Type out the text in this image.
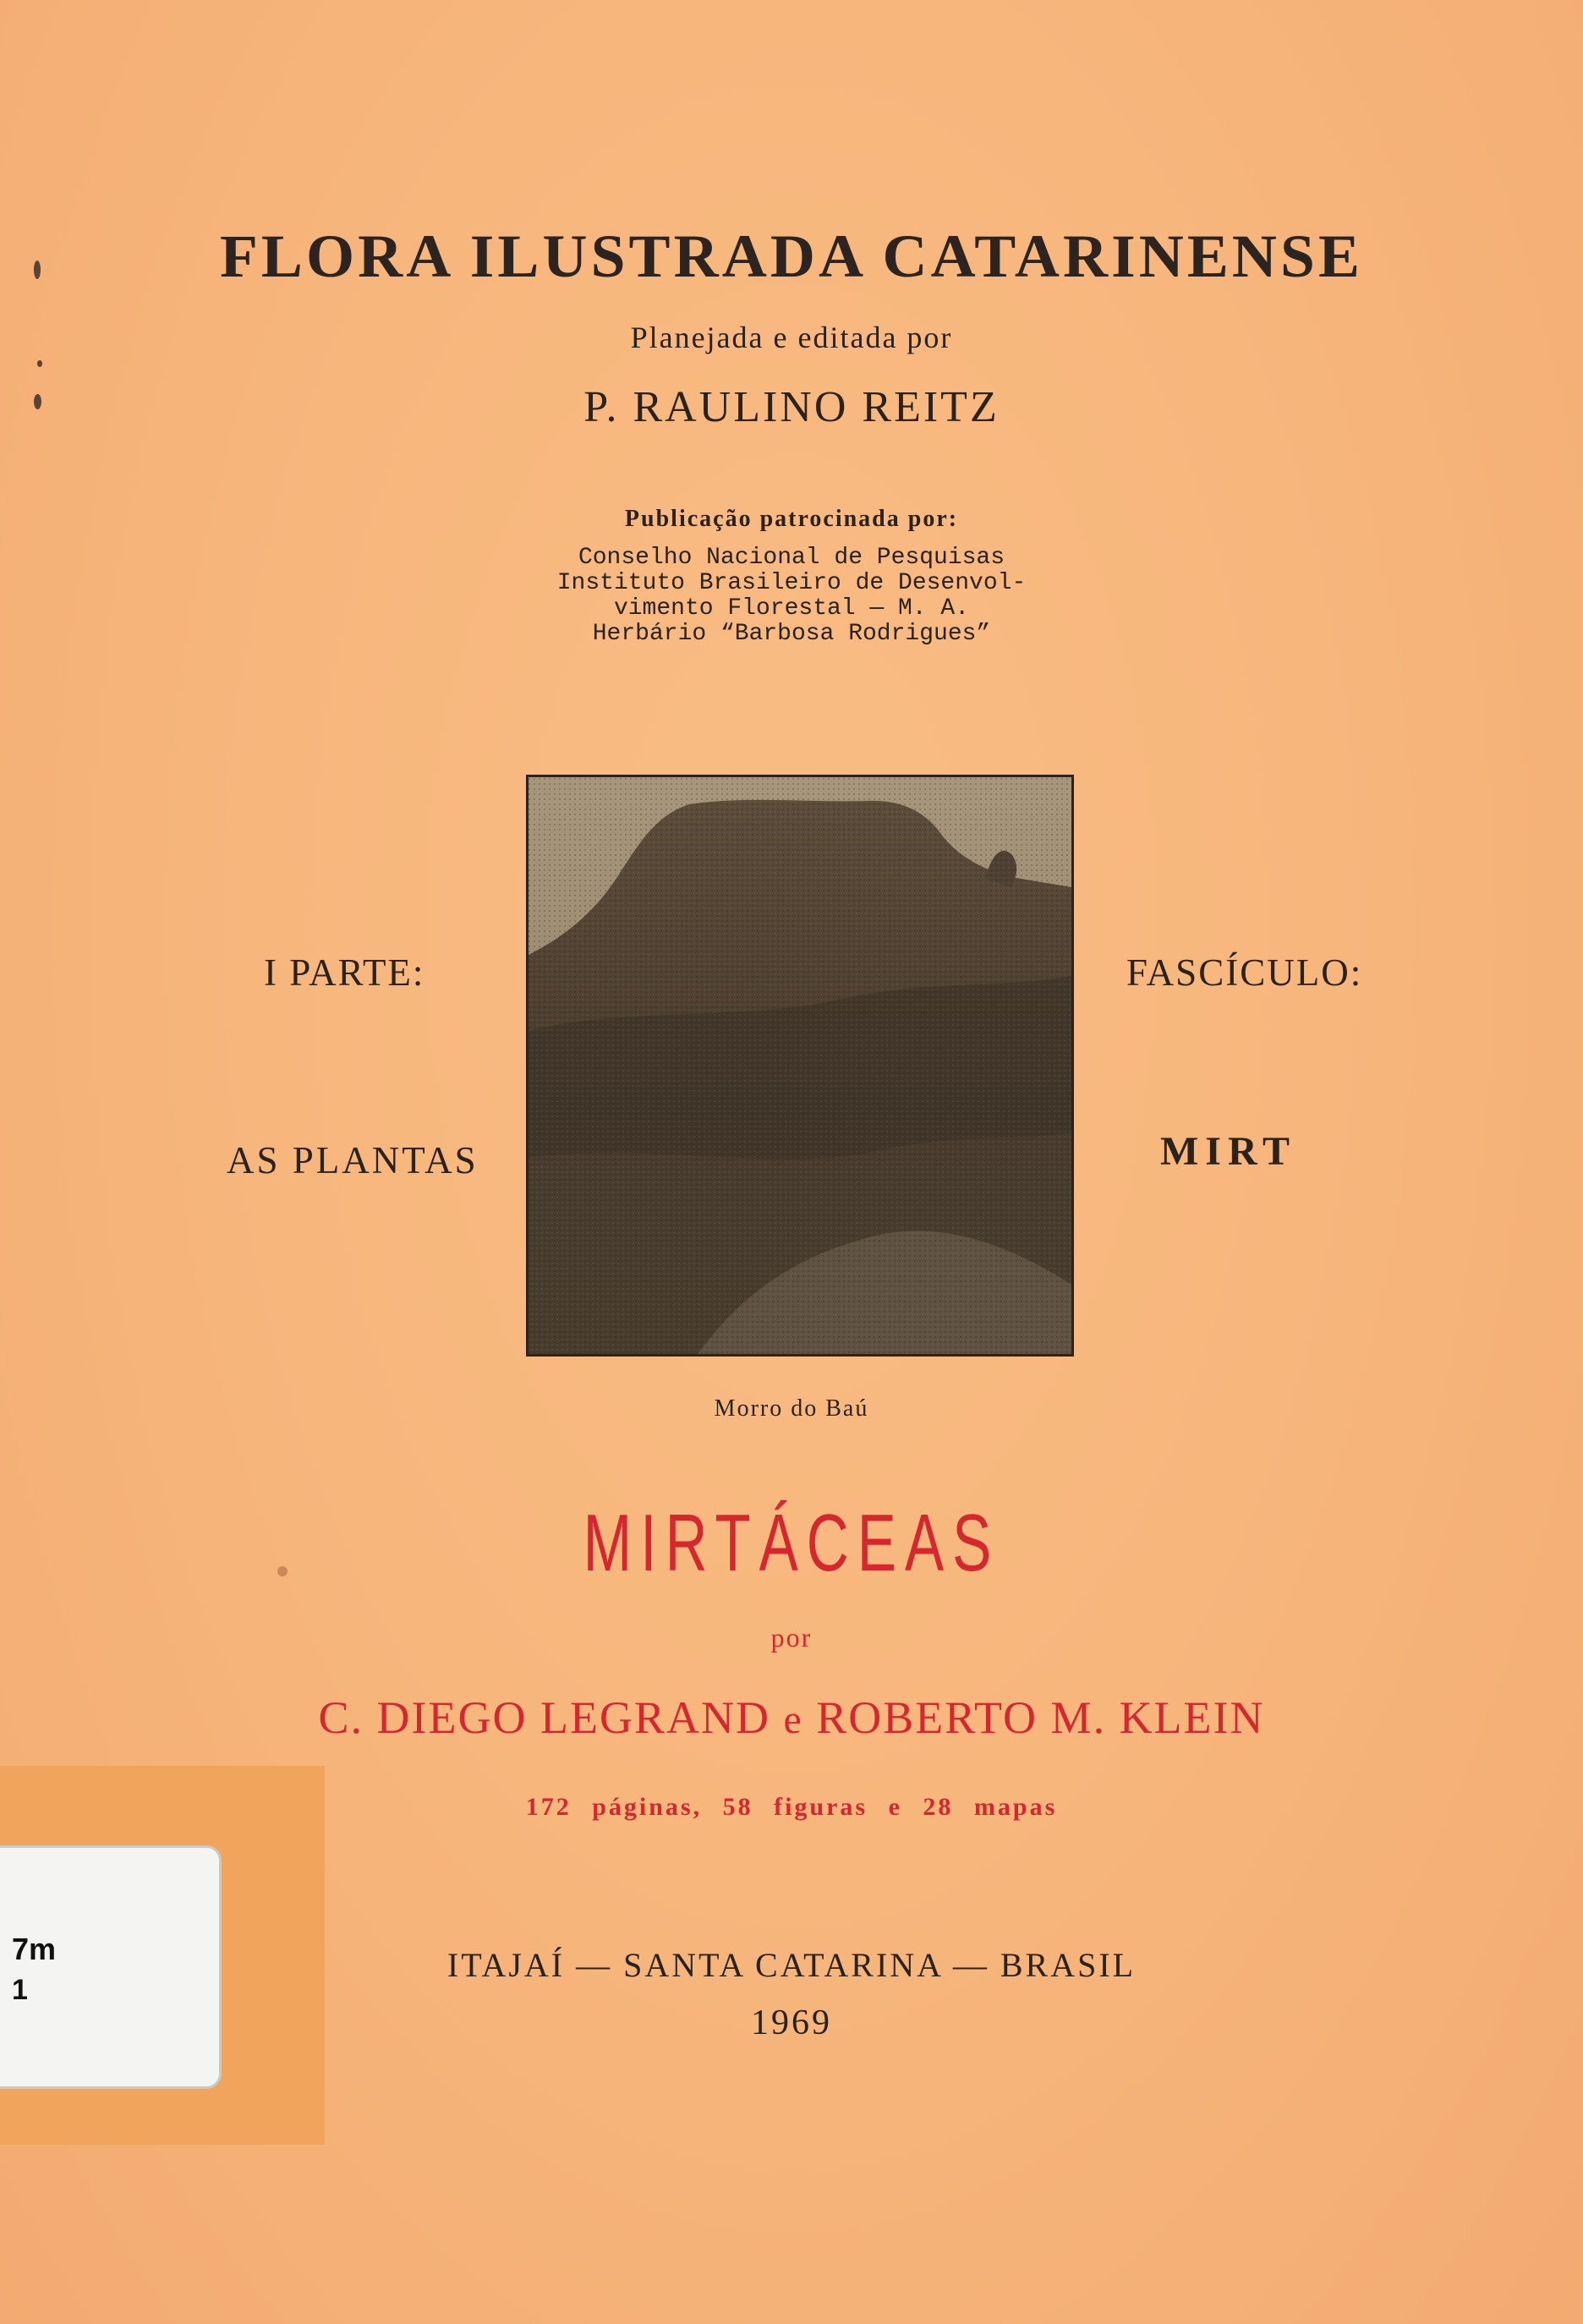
FLORA ILUSTRADA CATARINENSE
Planejada e editada por
P. RAULINO REITZ
Publicação patrocinada por:
Conselho Nacional de Pesquisas
Instituto Brasileiro de Desenvol-
vimento Florestal — M. A.
Herbário “Barbosa Rodrigues”
I PARTE:
AS PLANTAS
FASCÍCULO:
MIRT
Morro do Baú
MIRTÁCEAS
por
C. DIEGO LEGRAND e ROBERTO M. KLEIN
172 páginas, 58 figuras e 28 mapas
ITAJAÍ — SANTA CATARINA — BRASIL
1969
7m
1
